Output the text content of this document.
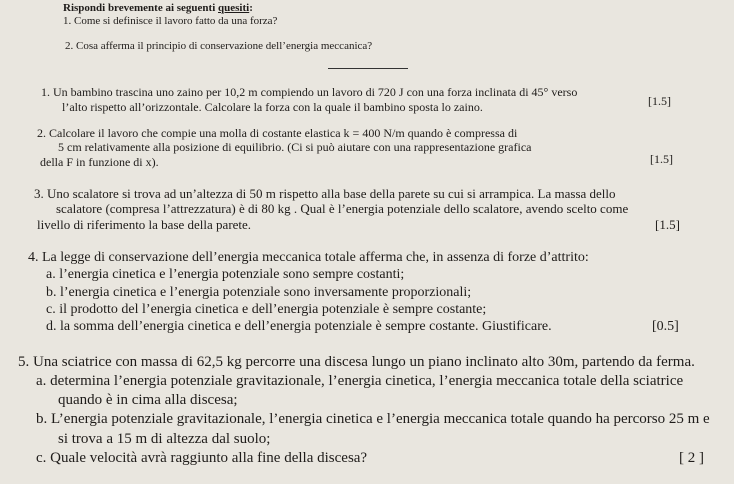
Rispondi brevemente ai seguenti quesiti:
1. Come si definisce il lavoro fatto da una forza?
2. Cosa afferma il principio di conservazione dell’energia meccanica?
1. Un bambino trascina uno zaino per 10,2 m compiendo un lavoro di 720 J con una forza inclinata di 45° verso
l’alto rispetto all’orizzontale. Calcolare la forza con la quale il bambino sposta lo zaino.	[1.5]
2. Calcolare il lavoro che compie una molla di costante elastica k = 400 N/m quando è compressa di
5 cm relativamente alla posizione di equilibrio. (Ci si può aiutare con una rappresentazione grafica
della F in funzione di x).	[1.5]
3. Uno scalatore si trova ad un’altezza di 50 m rispetto alla base della parete su cui si arrampica. La massa dello
scalatore (compresa l’attrezzatura) è di 80 kg . Qual è l’energia potenziale dello scalatore, avendo scelto come
livello di riferimento la base della parete.	[1.5]
4. La legge di conservazione dell’energia meccanica totale afferma che, in assenza di forze d’attrito:
a. l’energia cinetica e l’energia potenziale sono sempre costanti;
b. l’energia cinetica e l’energia potenziale sono inversamente proporzionali;
c. il prodotto del l’energia cinetica e dell’energia potenziale è sempre costante;
d. la somma dell’energia cinetica e dell’energia potenziale è sempre costante. Giustificare.	[0.5]
5. Una sciatrice con massa di 62,5 kg percorre una discesa lungo un piano inclinato alto 30m, partendo da ferma.
a. determina l’energia potenziale gravitazionale, l’energia cinetica, l’energia meccanica totale della sciatrice
quando è in cima alla discesa;
b. L’energia potenziale gravitazionale, l’energia cinetica e l’energia meccanica totale quando ha percorso 25 m e
si trova a 15 m di altezza dal suolo;
c. Quale velocità avrà raggiunto alla fine della discesa?	[ 2 ]
